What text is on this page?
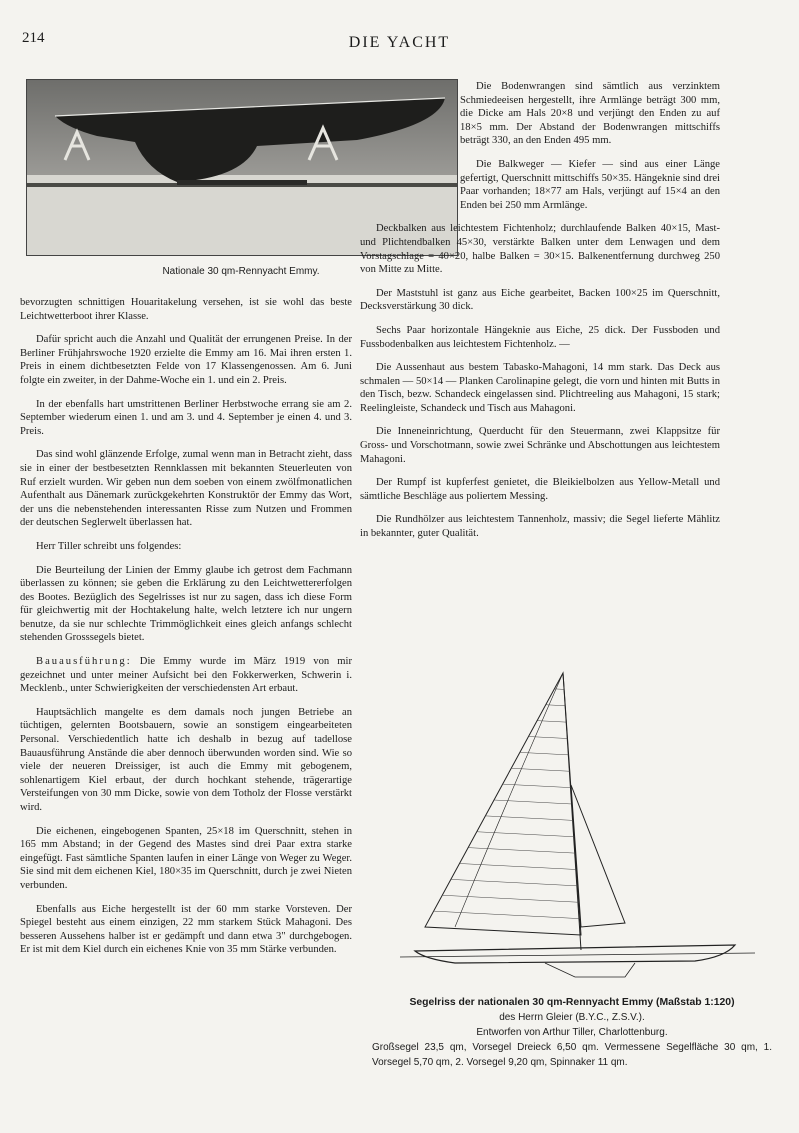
214	DIE YACHT
Nationale 30 qm-Rennyacht Emmy.

bevorzugten schnittigen Houaritakelung versehen, ist sie wohl das beste Leichtwetterboot ihrer Klasse.

Dafür spricht auch die Anzahl und Qualität der errungenen Preise. In der Berliner Frühjahrswoche 1920 erzielte die Emmy am 16. Mai ihren ersten 1. Preis in einem dichtbesetzten Felde von 17 Klassengenossen. Am 6. Juni folgte ein zweiter, in der Dahme-Woche ein 1. und ein 2. Preis.

In der ebenfalls hart umstrittenen Berliner Herbstwoche errang sie am 2. September wiederum einen 1. und am 3. und 4. September je einen 4. und 3. Preis.

Das sind wohl glänzende Erfolge, zumal wenn man in Betracht zieht, dass sie in einer der bestbesetzten Rennklassen mit bekannten Steuerleuten von Ruf erzielt wurden. Wir geben nun dem soeben von einem zwölfmonatlichen Aufenthalt aus Dänemark zurückgekehrten Konstruktör der Emmy das Wort, der uns die nebenstehenden interessanten Risse zum Nutzen und Frommen der deutschen Seglerwelt überlassen hat.

Herr Tiller schreibt uns folgendes:

Die Beurteilung der Linien der Emmy glaube ich getrost dem Fachmann überlassen zu können; sie geben die Erklärung zu den Leichtwettererfolgen des Bootes. Bezüglich des Segelrisses ist nur zu sagen, dass ich diese Form für gleichwertig mit der Hochtakelung halte, welch letztere ich nur ungern benutze, da sie nur schlechte Trimmöglichkeit eines gleich anfangs schlecht stehenden Grosssegels bietet.

Bauausführung: Die Emmy wurde im März 1919 von mir gezeichnet und unter meiner Aufsicht bei den Fokkerwerken, Schwerin i. Mecklenb., unter Schwierigkeiten der verschiedensten Art erbaut.

Hauptsächlich mangelte es dem damals noch jungen Betriebe an tüchtigen, gelernten Bootsbauern, sowie an sonstigem eingearbeiteten Personal. Verschiedentlich hatte ich deshalb in bezug auf tadellose Bauausführung Anstände die aber dennoch überwunden worden sind. Wie so viele der neueren Dreissiger, ist auch die Emmy mit gebogenem, sohlenartigem Kiel erbaut, der durch hochkant stehende, trägerartige Versteifungen von 30 mm Dicke, sowie von dem Totholz der Flosse verstärkt wird.

Die eichenen, eingebogenen Spanten, 25×18 im Querschnitt, stehen in 165 mm Abstand; in der Gegend des Mastes sind drei Paar extra starke eingefügt. Fast sämtliche Spanten laufen in einer Länge von Weger zu Weger. Sie sind mit dem eichenen Kiel, 180×35 im Querschnitt, durch je zwei Nieten verbunden.

Ebenfalls aus Eiche hergestellt ist der 60 mm starke Vorsteven. Der Spiegel besteht aus einem einzigen, 22 mm starkem Stück Mahagoni. Des besseren Aussehens halber ist er gedämpft und dann etwa 3" durchgebogen. Er ist mit dem Kiel durch ein eichenes Knie von 35 mm Stärke verbunden.

Die Bodenwrangen sind sämtlich aus verzinktem Schmiedeeisen hergestellt, ihre Armlänge beträgt 300 mm, die Dicke am Hals 20×8 und verjüngt den Enden zu auf 18×5 mm. Der Abstand der Bodenwrangen mittschiffs beträgt 330, an den Enden 495 mm.

Die Balkweger — Kiefer — sind aus einer Länge gefertigt, Querschnitt mittschiffs 50×35. Hängeknie sind drei Paar vorhanden; 18×77 am Hals, verjüngt auf 15×4 an den Enden bei 250 mm Armlänge.

Deckbalken aus leichtestem Fichtenholz; durchlaufende Balken 40×15, Mast- und Plichtendbalken 45×30, verstärkte Balken unter dem Lenwagen und dem Vorstagschlage = 40×20, halbe Balken = 30×15. Balkenentfernung durchweg 250 von Mitte zu Mitte.

Der Maststuhl ist ganz aus Eiche gearbeitet, Backen 100×25 im Querschnitt, Decksverstärkung 30 dick.

Sechs Paar horizontale Hängeknie aus Eiche, 25 dick. Der Fussboden und Fussbodenbalken aus leichtestem Fichtenholz. —

Die Aussenhaut aus bestem Tabasko-Mahagoni, 14 mm stark. Das Deck aus schmalen — 50×14 — Planken Carolinapine gelegt, die vorn und hinten mit Butts in den Tisch, bezw. Schandeck eingelassen sind. Plichtreeling aus Mahagoni, 15 stark; Reelingleiste, Schandeck und Tisch aus Mahagoni.

Die Inneneinrichtung, Querducht für den Steuermann, zwei Klappsitze für Gross- und Vorschotmann, sowie zwei Schränke und Abschottungen aus leichtestem Mahagoni.

Der Rumpf ist kupferfest genietet, die Bleikielbolzen aus Yellow-Metall und sämtliche Beschläge aus poliertem Messing.

Die Rundhölzer aus leichtestem Tannenholz, massiv; die Segel lieferte Mählitz in bekannter, guter Qualität.

Segelriss der nationalen 30 qm-Rennyacht Emmy (Maßstab 1:120)
des Herrn Gleier (B.Y.C., Z.S.V.).
Entworfen von Arthur Tiller, Charlottenburg.
Großsegel 23,5 qm, Vorsegel Dreieck 6,50 qm. Vermessene Segelfläche 30 qm, 1. Vorsegel 5,70 qm, 2. Vorsegel 9,20 qm, Spinnaker 11 qm.
